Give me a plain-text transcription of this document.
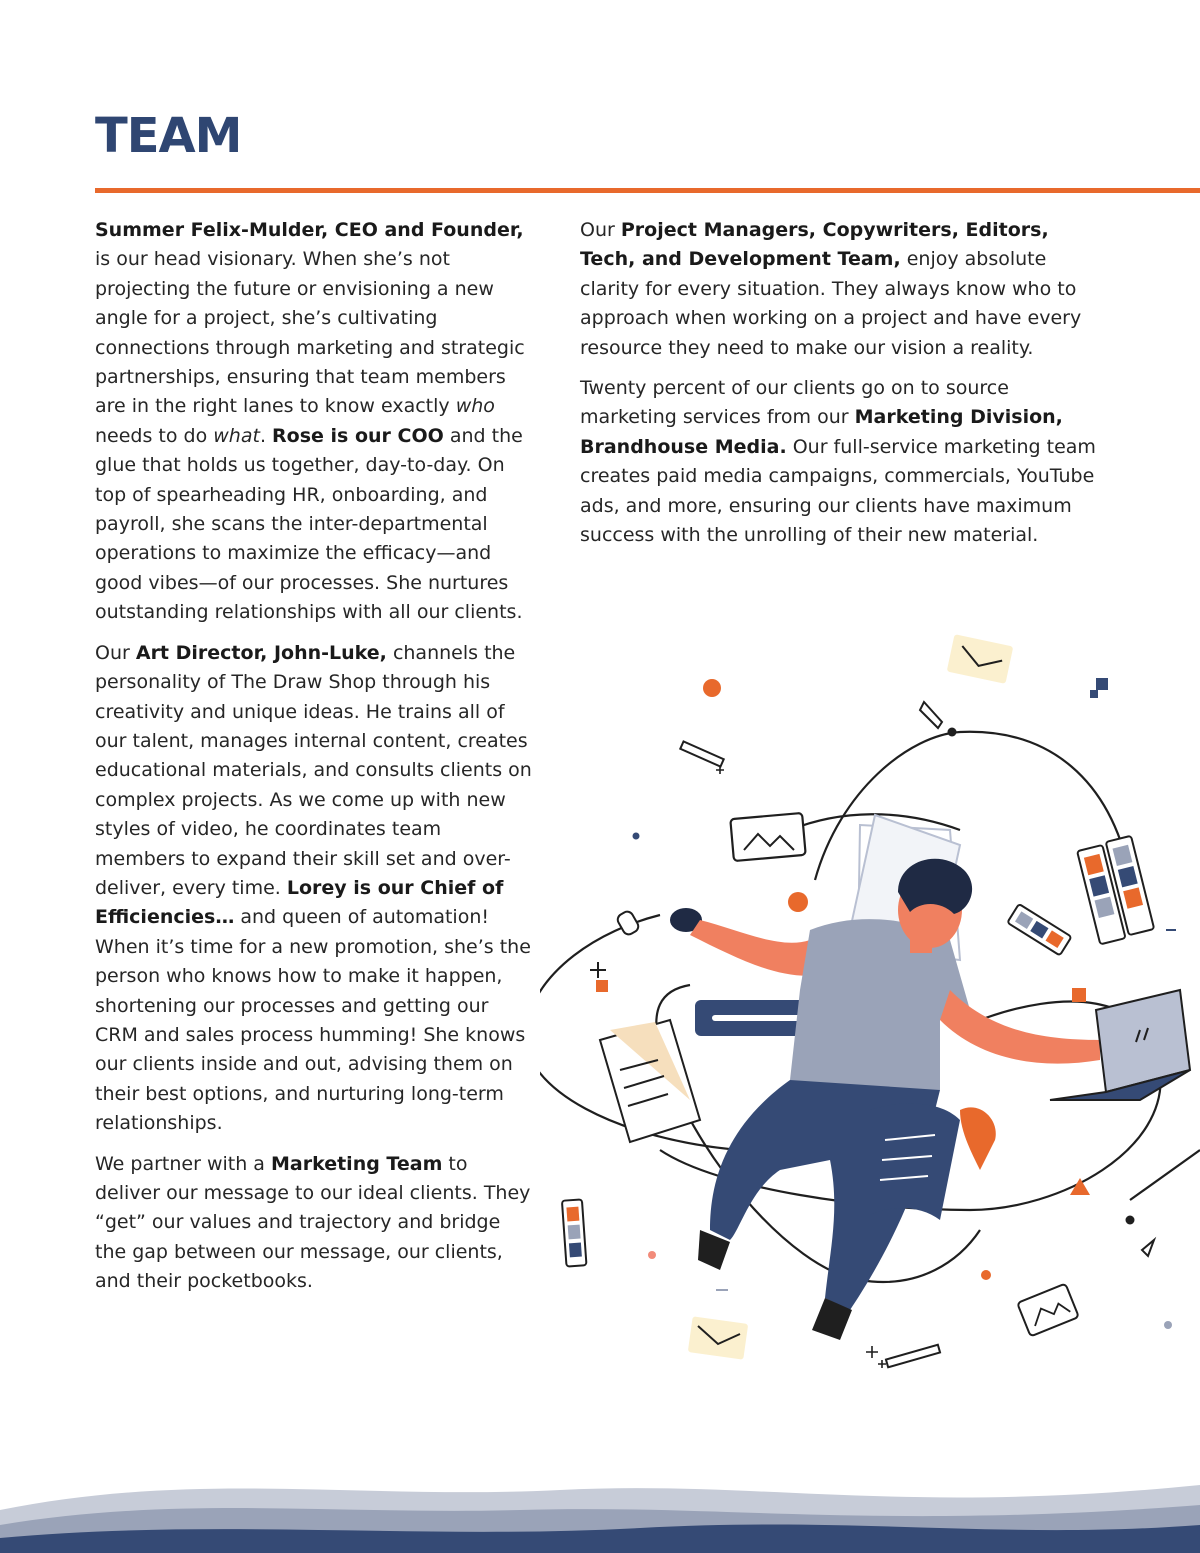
TEAM

Summer Felix-Mulder, CEO and Founder, is our head visionary. When she’s not projecting the future or envisioning a new angle for a project, she’s cultivating connections through marketing and strategic partnerships, ensuring that team members are in the right lanes to know exactly who needs to do what. Rose is our COO and the glue that holds us together, day-to-day. On top of spearheading HR, onboarding, and payroll, she scans the inter-departmental operations to maximize the efficacy—and good vibes—of our processes. She nurtures outstanding relationships with all our clients.

Our Art Director, John-Luke, channels the personality of The Draw Shop through his creativity and unique ideas. He trains all of our talent, manages internal content, creates educational materials, and consults clients on complex projects. As we come up with new styles of video, he coordinates team members to expand their skill set and over-deliver, every time. Lorey is our Chief of Efficiencies… and queen of automation! When it’s time for a new promotion, she’s the person who knows how to make it happen, shortening our processes and getting our CRM and sales process humming! She knows our clients inside and out, advising them on their best options, and nurturing long-term relationships.

We partner with a Marketing Team to deliver our message to our ideal clients. They “get” our values and trajectory and bridge the gap between our message, our clients, and their pocketbooks.

Our Project Managers, Copywriters, Editors, Tech, and Development Team, enjoy absolute clarity for every situation. They always know who to approach when working on a project and have every resource they need to make our vision a reality.

Twenty percent of our clients go on to source marketing services from our Marketing Division, Brandhouse Media. Our full-service marketing team creates paid media campaigns, commercials, YouTube ads, and more, ensuring our clients have maximum success with the unrolling of their new material.
